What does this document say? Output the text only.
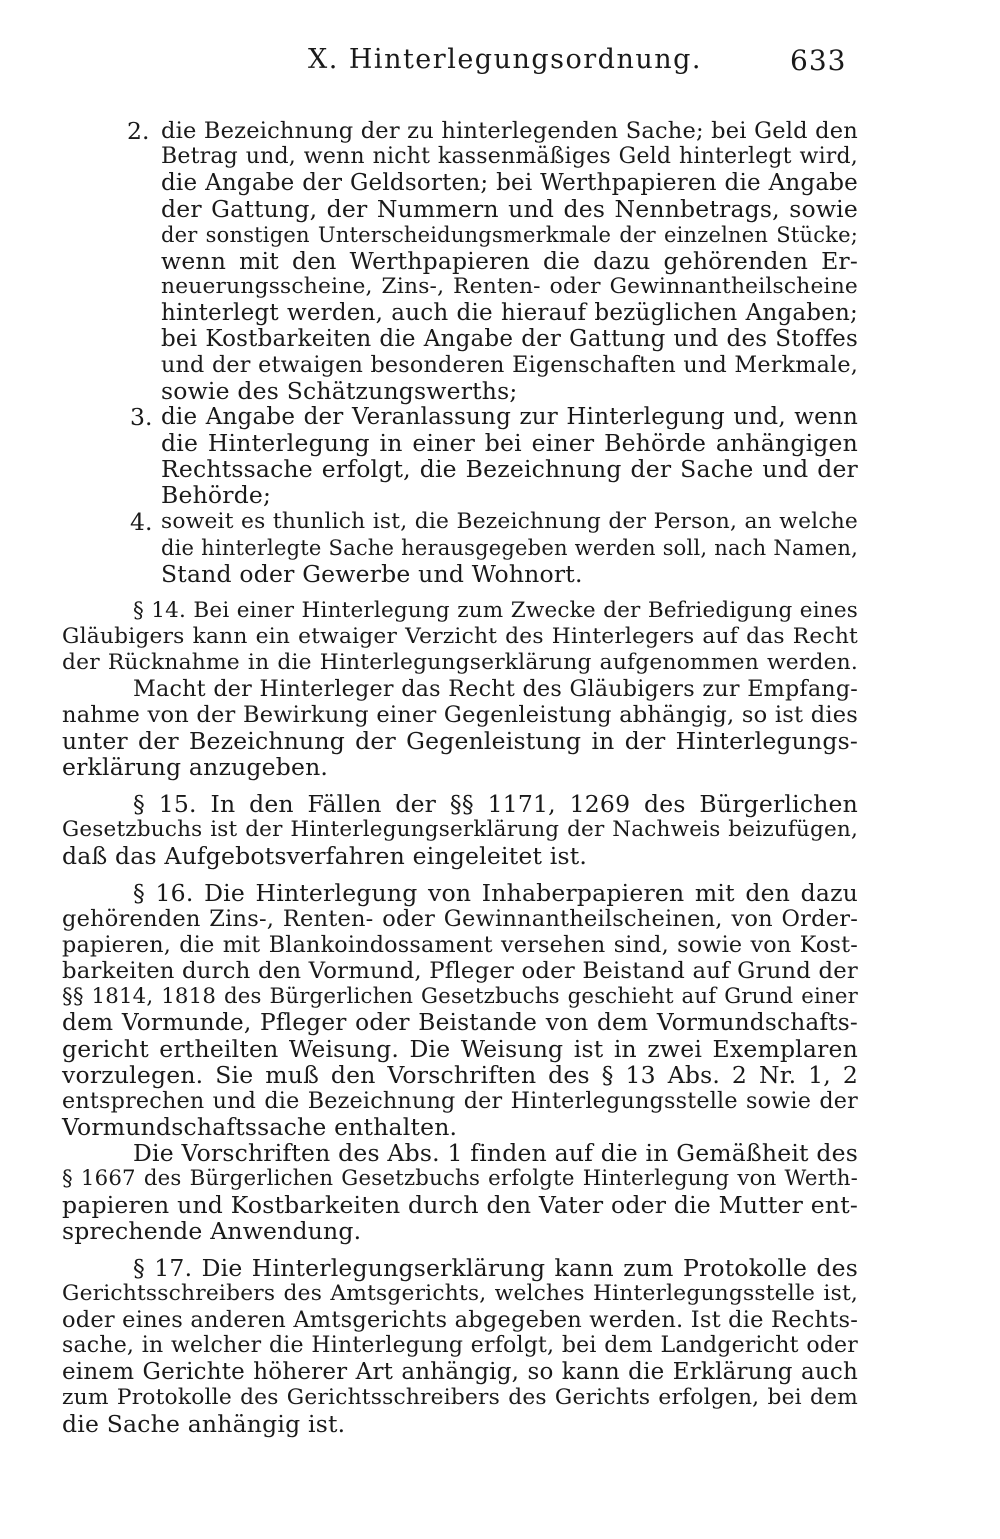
X. Hinterlegungsordnung.	633
2. die Bezeichnung der zu hinterlegenden Sache; bei Geld den
Betrag und, wenn nicht kassenmäßiges Geld hinterlegt wird,
die Angabe der Geldsorten; bei Werthpapieren die Angabe
der Gattung, der Nummern und des Nennbetrags, sowie
der sonstigen Unterscheidungsmerkmale der einzelnen Stücke;
wenn mit den Werthpapieren die dazu gehörenden Er-
neuerungsscheine, Zins-, Renten- oder Gewinnantheilscheine
hinterlegt werden, auch die hierauf bezüglichen Angaben;
bei Kostbarkeiten die Angabe der Gattung und des Stoffes
und der etwaigen besonderen Eigenschaften und Merkmale,
sowie des Schätzungswerths;
3. die Angabe der Veranlassung zur Hinterlegung und, wenn
die Hinterlegung in einer bei einer Behörde anhängigen
Rechtssache erfolgt, die Bezeichnung der Sache und der
Behörde;
4. soweit es thunlich ist, die Bezeichnung der Person, an welche
die hinterlegte Sache herausgegeben werden soll, nach Namen,
Stand oder Gewerbe und Wohnort.
§ 14. Bei einer Hinterlegung zum Zwecke der Befriedigung eines
Gläubigers kann ein etwaiger Verzicht des Hinterlegers auf das Recht
der Rücknahme in die Hinterlegungserklärung aufgenommen werden.
Macht der Hinterleger das Recht des Gläubigers zur Empfang-
nahme von der Bewirkung einer Gegenleistung abhängig, so ist dies
unter der Bezeichnung der Gegenleistung in der Hinterlegungs-
erklärung anzugeben.
§ 15. In den Fällen der §§ 1171, 1269 des Bürgerlichen
Gesetzbuchs ist der Hinterlegungserklärung der Nachweis beizufügen,
daß das Aufgebotsverfahren eingeleitet ist.
§ 16. Die Hinterlegung von Inhaberpapieren mit den dazu
gehörenden Zins-, Renten- oder Gewinnantheilscheinen, von Order-
papieren, die mit Blankoindossament versehen sind, sowie von Kost-
barkeiten durch den Vormund, Pfleger oder Beistand auf Grund der
§§ 1814, 1818 des Bürgerlichen Gesetzbuchs geschieht auf Grund einer
dem Vormunde, Pfleger oder Beistande von dem Vormundschafts-
gericht ertheilten Weisung. Die Weisung ist in zwei Exemplaren
vorzulegen. Sie muß den Vorschriften des § 13 Abs. 2 Nr. 1, 2
entsprechen und die Bezeichnung der Hinterlegungsstelle sowie der
Vormundschaftssache enthalten.
Die Vorschriften des Abs. 1 finden auf die in Gemäßheit des
§ 1667 des Bürgerlichen Gesetzbuchs erfolgte Hinterlegung von Werth-
papieren und Kostbarkeiten durch den Vater oder die Mutter ent-
sprechende Anwendung.
§ 17. Die Hinterlegungserklärung kann zum Protokolle des
Gerichtsschreibers des Amtsgerichts, welches Hinterlegungsstelle ist,
oder eines anderen Amtsgerichts abgegeben werden. Ist die Rechts-
sache, in welcher die Hinterlegung erfolgt, bei dem Landgericht oder
einem Gerichte höherer Art anhängig, so kann die Erklärung auch
zum Protokolle des Gerichtsschreibers des Gerichts erfolgen, bei dem
die Sache anhängig ist.
